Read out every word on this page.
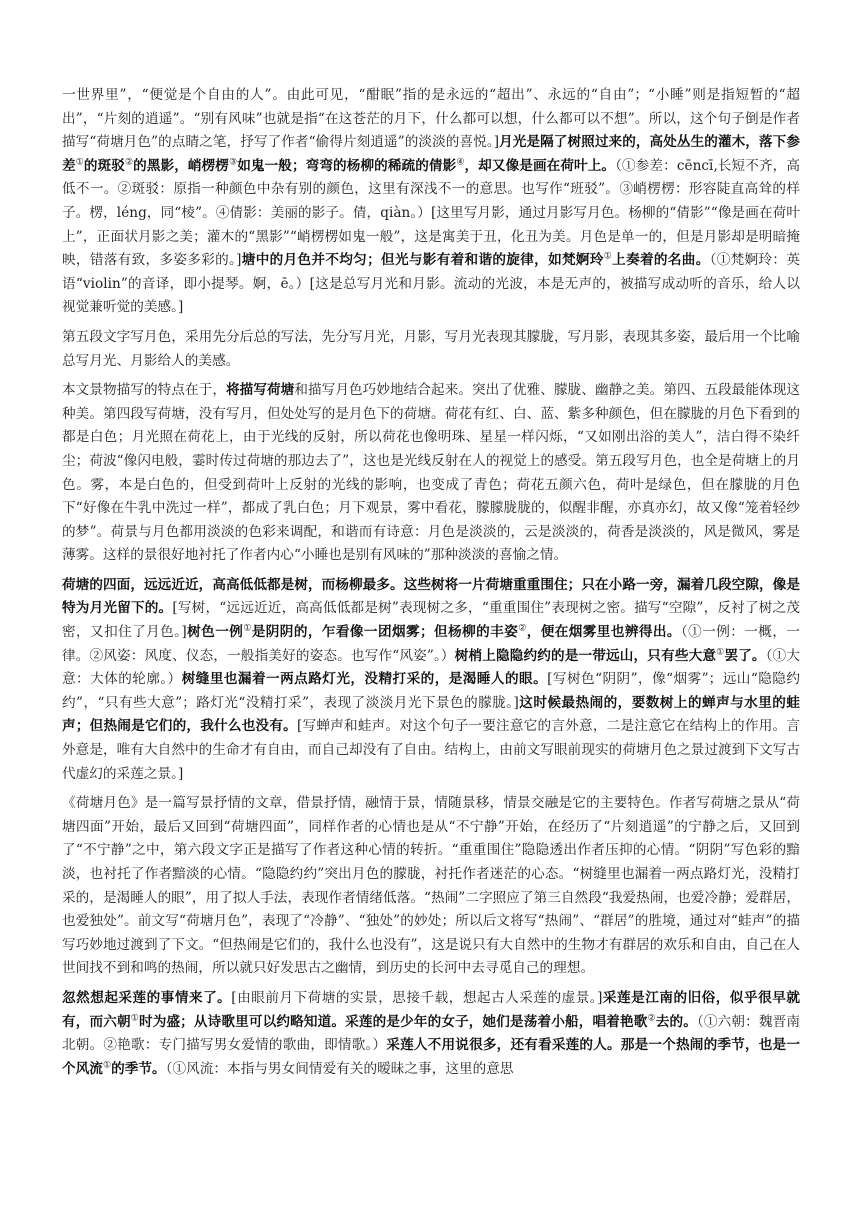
一世界里”，“便觉是个自由的人”。由此可见，“酣眠”指的是永远的“超出”、永远的“自由”；“小睡”则是指短暂的“超出”，“片刻的逍遥”。“别有风味”也就是指“在这苍茫的月下，什么都可以想，什么都可以不想”。所以，这个句子倒是作者描写“荷塘月色”的点睛之笔，抒写了作者“偷得片刻逍遥”的淡淡的喜悦。]月光是隔了树照过来的，高处丛生的灌木，落下参差①的斑驳②的黑影，峭楞楞③如鬼一般；弯弯的杨柳的稀疏的倩影④，却又像是画在荷叶上。（①参差：cēncī,长短不齐，高低不一。②斑驳：原指一种颜色中杂有别的颜色，这里有深浅不一的意思。也写作“班驳”。③峭楞楞：形容陡直高耸的样子。楞，léng，同“棱”。④倩影：美丽的影子。倩，qiàn。）[这里写月影，通过月影写月色。杨柳的“倩影”“像是画在荷叶上”，正面状月影之美；灌木的“黑影”“峭楞楞如鬼一般”，这是寓美于丑，化丑为美。月色是单一的，但是月影却是明暗掩映，错落有致，多姿多彩的。]塘中的月色并不均匀；但光与影有着和谐的旋律，如梵婀玲①上奏着的名曲。（①梵婀玲：英语“violin”的音译，即小提琴。婀，ē。）[这是总写月光和月影。流动的光波，本是无声的，被描写成动听的音乐，给人以视觉兼听觉的美感。]

第五段文字写月色，采用先分后总的写法，先分写月光，月影，写月光表现其朦胧，写月影，表现其多姿，最后用一个比喻总写月光、月影给人的美感。

本文景物描写的特点在于，将描写荷塘和描写月色巧妙地结合起来。突出了优雅、朦胧、幽静之美。第四、五段最能体现这种美。第四段写荷塘，没有写月，但处处写的是月色下的荷塘。荷花有红、白、蓝、紫多种颜色，但在朦胧的月色下看到的都是白色；月光照在荷花上，由于光线的反射，所以荷花也像明珠、星星一样闪烁，“又如刚出浴的美人”，洁白得不染纤尘；荷波“像闪电般，霎时传过荷塘的那边去了”，这也是光线反射在人的视觉上的感受。第五段写月色，也全是荷塘上的月色。雾，本是白色的，但受到荷叶上反射的光线的影响，也变成了青色；荷花五颜六色，荷叶是绿色，但在朦胧的月色下“好像在牛乳中洗过一样”，都成了乳白色；月下观景，雾中看花，朦朦胧胧的，似醒非醒，亦真亦幻，故又像“笼着轻纱的梦”。荷景与月色都用淡淡的色彩来调配，和谐而有诗意：月色是淡淡的，云是淡淡的，荷香是淡淡的，风是微风，雾是薄雾。这样的景很好地衬托了作者内心“小睡也是别有风味的”那种淡淡的喜愉之情。

荷塘的四面，远远近近，高高低低都是树，而杨柳最多。这些树将一片荷塘重重围住；只在小路一旁，漏着几段空隙，像是特为月光留下的。[写树，“远远近近，高高低低都是树”表现树之多，“重重围住”表现树之密。描写“空隙”，反衬了树之茂密，又扣住了月色。]树色一例①是阴阴的，乍看像一团烟雾；但杨柳的丰姿②，便在烟雾里也辨得出。（①一例：一概，一律。②风姿：风度、仪态，一般指美好的姿态。也写作“风姿”。）树梢上隐隐约约的是一带远山，只有些大意①罢了。（①大意：大体的轮廓。）树缝里也漏着一两点路灯光，没精打采的，是渴睡人的眼。[写树色“阴阴”，像“烟雾”；远山“隐隐约约”，“只有些大意”；路灯光“没精打采”，表现了淡淡月光下景色的朦胧。]这时候最热闹的，要数树上的蝉声与水里的蛙声；但热闹是它们的，我什么也没有。[写蝉声和蛙声。对这个句子一要注意它的言外意，二是注意它在结构上的作用。言外意是，唯有大自然中的生命才有自由，而自己却没有了自由。结构上，由前文写眼前现实的荷塘月色之景过渡到下文写古代虚幻的采莲之景。]

《荷塘月色》是一篇写景抒情的文章，借景抒情，融情于景，情随景移，情景交融是它的主要特色。作者写荷塘之景从“荷塘四面”开始，最后又回到“荷塘四面”，同样作者的心情也是从“不宁静”开始，在经历了“片刻逍遥”的宁静之后，又回到了“不宁静”之中，第六段文字正是描写了作者这种心情的转折。“重重围住”隐隐透出作者压抑的心情。“阴阴”写色彩的黯淡，也衬托了作者黯淡的心情。“隐隐约约”突出月色的朦胧，衬托作者迷茫的心态。“树缝里也漏着一两点路灯光，没精打采的，是渴睡人的眼”，用了拟人手法，表现作者情绪低落。“热闹”二字照应了第三自然段“我爱热闹，也爱冷静；爱群居，也爱独处”。前文写“荷塘月色”，表现了“冷静”、“独处”的妙处；所以后文将写“热闹”、“群居”的胜境，通过对“蛙声”的描写巧妙地过渡到了下文。“但热闹是它们的，我什么也没有”，这是说只有大自然中的生物才有群居的欢乐和自由，自己在人世间找不到和鸣的热闹，所以就只好发思古之幽情，到历史的长河中去寻觅自己的理想。

忽然想起采莲的事情来了。[由眼前月下荷塘的实景，思接千载，想起古人采莲的虚景。]采莲是江南的旧俗，似乎很早就有，而六朝①时为盛；从诗歌里可以约略知道。采莲的是少年的女子，她们是荡着小船，唱着艳歌②去的。（①六朝：魏晋南北朝。②艳歌：专门描写男女爱情的歌曲，即情歌。）采莲人不用说很多，还有看采莲的人。那是一个热闹的季节，也是一个风流①的季节。（①风流：本指与男女间情爱有关的暧昧之事，这里的意思
